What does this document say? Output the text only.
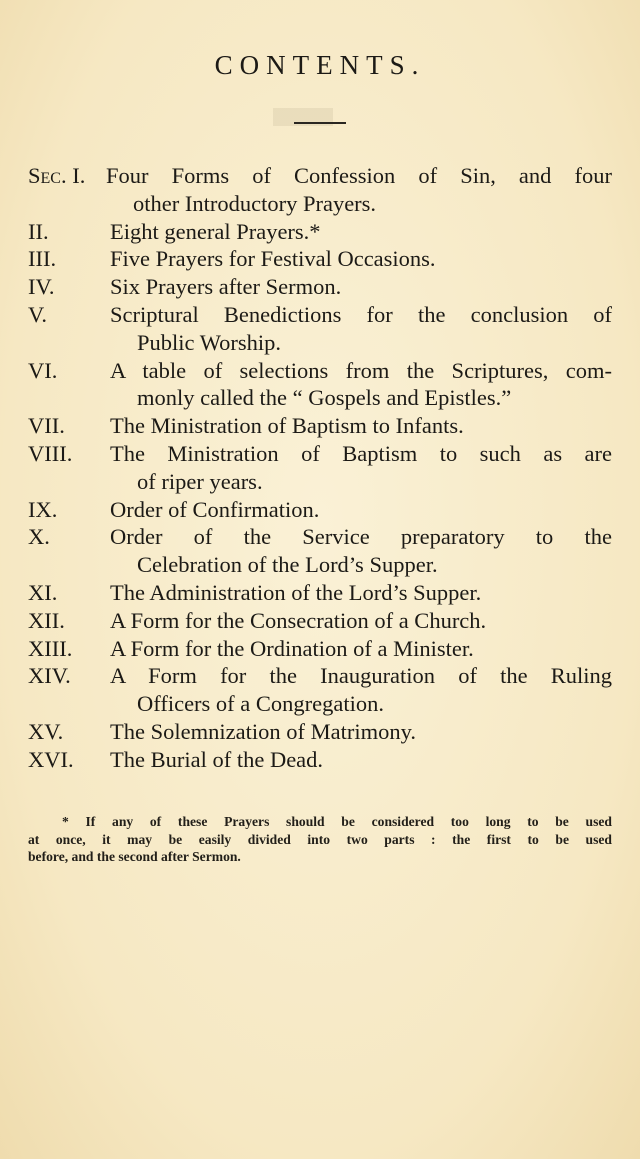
▬
CONTENTS.
Sec. I. Four Forms of Confession of Sin, and four
other Introductory Prayers.
II.	Eight general Prayers.*
III.	Five Prayers for Festival Occasions.
IV.	Six Prayers after Sermon.
V.	Scriptural Benedictions for the conclusion of
Public Worship.
VI.	A table of selections from the Scriptures, com-
monly called the “ Gospels and Epistles.”
VII.	The Ministration of Baptism to Infants.
VIII.	The Ministration of Baptism to such as are
of riper years.
IX.	Order of Confirmation.
X.	Order of the Service preparatory to the
Celebration of the Lord’s Supper.
XI.	The Administration of the Lord’s Supper.
XII.	A Form for the Consecration of a Church.
XIII.	A Form for the Ordination of a Minister.
XIV.	A Form for the Inauguration of the Ruling
Officers of a Congregation.
XV.	The Solemnization of Matrimony.
XVI.	The Burial of the Dead.
* If any of these Prayers should be considered too long to be used
at once, it may be easily divided into two parts : the first to be used
before, and the second after Sermon.
